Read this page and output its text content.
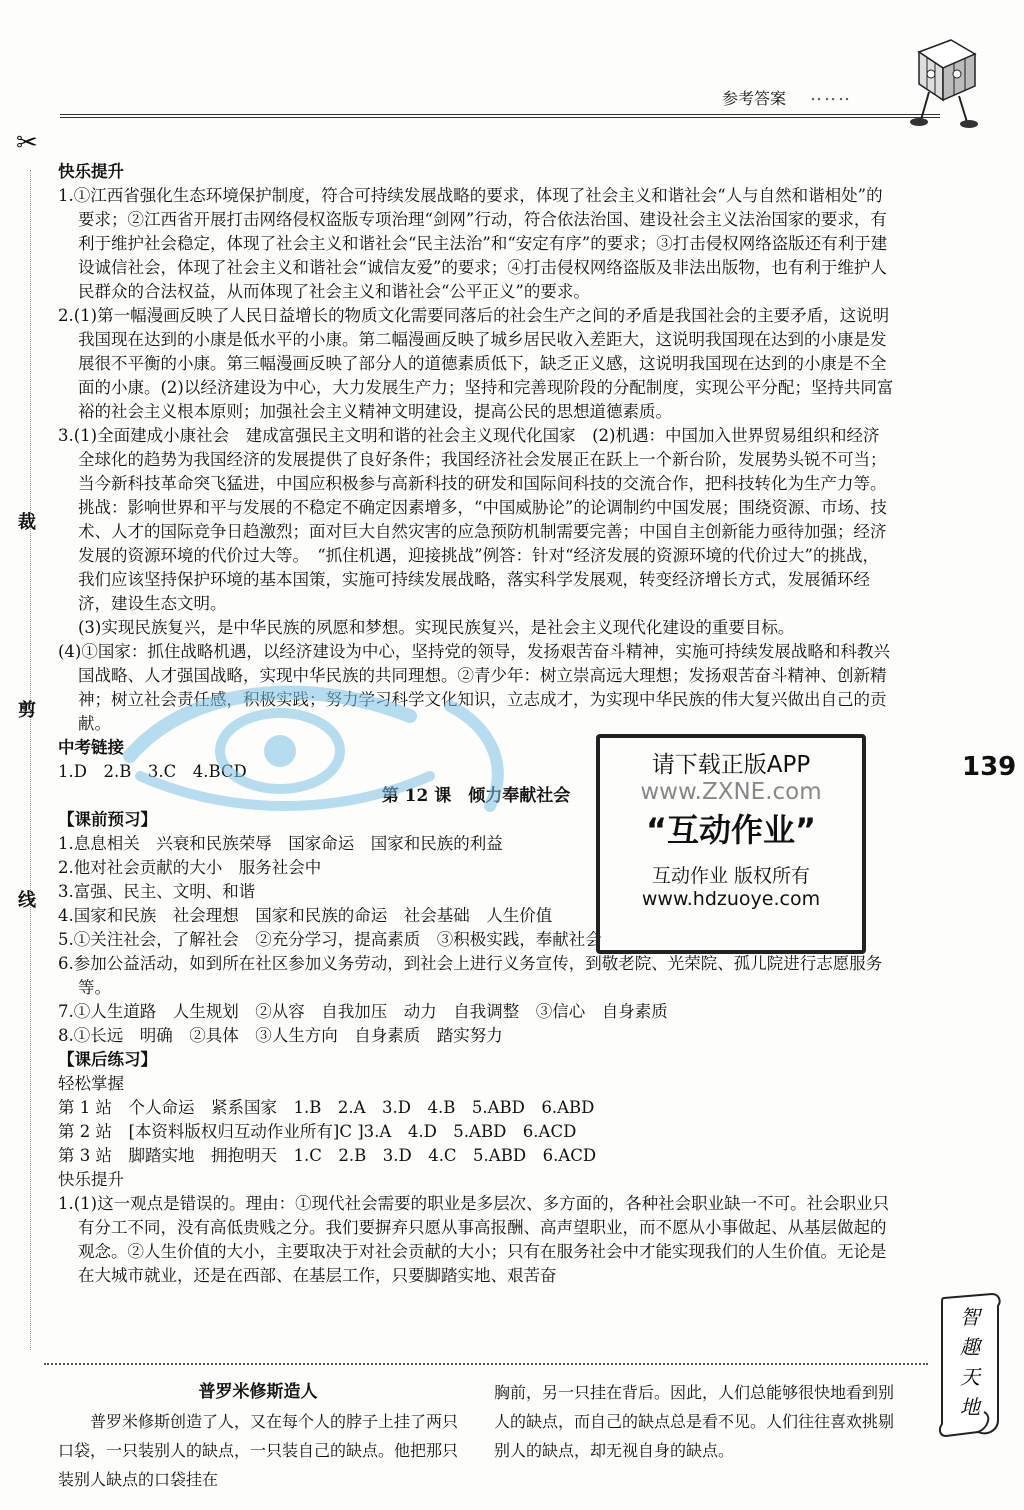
参考答案 ‥‥‥
✂
裁
剪
线
139

快乐提升

1.①江西省强化生态环境保护制度，符合可持续发展战略的要求，体现了社会主义和谐社会“人与自然和谐相处”的要求；②江西省开展打击网络侵权盗版专项治理“剑网”行动，符合依法治国、建设社会主义法治国家的要求，有利于维护社会稳定，体现了社会主义和谐社会“民主法治”和“安定有序”的要求；③打击侵权网络盗版还有利于建设诚信社会，体现了社会主义和谐社会“诚信友爱”的要求；④打击侵权网络盗版及非法出版物，也有利于维护人民群众的合法权益，从而体现了社会主义和谐社会“公平正义”的要求。

2.(1)第一幅漫画反映了人民日益增长的物质文化需要同落后的社会生产之间的矛盾是我国社会的主要矛盾，这说明我国现在达到的小康是低水平的小康。第二幅漫画反映了城乡居民收入差距大，这说明我国现在达到的小康是发展很不平衡的小康。第三幅漫画反映了部分人的道德素质低下，缺乏正义感，这说明我国现在达到的小康是不全面的小康。(2)以经济建设为中心，大力发展生产力；坚持和完善现阶段的分配制度，实现公平分配；坚持共同富裕的社会主义根本原则；加强社会主义精神文明建设，提高公民的思想道德素质。

3.(1)全面建成小康社会　建成富强民主文明和谐的社会主义现代化国家　(2)机遇：中国加入世界贸易组织和经济全球化的趋势为我国经济的发展提供了良好条件；我国经济社会发展正在跃上一个新台阶，发展势头锐不可当；当今新科技革命突飞猛进，中国应积极参与高新科技的研发和国际间科技的交流合作，把科技转化为生产力等。　挑战：影响世界和平与发展的不稳定不确定因素增多，“中国威胁论”的论调制约中国发展；围绕资源、市场、技术、人才的国际竞争日趋激烈；面对巨大自然灾害的应急预防机制需要完善；中国自主创新能力亟待加强；经济发展的资源环境的代价过大等。　“抓住机遇，迎接挑战”例答：针对“经济发展的资源环境的代价过大”的挑战，我们应该坚持保护环境的基本国策，实施可持续发展战略，落实科学发展观，转变经济增长方式，发展循环经济，建设生态文明。

(3)实现民族复兴，是中华民族的夙愿和梦想。实现民族复兴，是社会主义现代化建设的重要目标。

(4)①国家：抓住战略机遇，以经济建设为中心，坚持党的领导，发扬艰苦奋斗精神，实施可持续发展战略和科教兴国战略、人才强国战略，实现中华民族的共同理想。②青少年：树立崇高远大理想；发扬艰苦奋斗精神、创新精神；树立社会责任感，积极实践；努力学习科学文化知识，立志成才，为实现中华民族的伟大复兴做出自己的贡献。

中考链接

1.D　2.B　3.C　4.BCD

第 12 课　倾力奉献社会

【课前预习】

1.息息相关　兴衰和民族荣辱　国家命运　国家和民族的利益

2.他对社会贡献的大小　服务社会中

3.富强、民主、文明、和谐

4.国家和民族　社会理想　国家和民族的命运　社会基础　人生价值

5.①关注社会，了解社会　②充分学习，提高素质　③积极实践，奉献社会

6.参加公益活动，如到所在社区参加义务劳动，到社会上进行义务宣传，到敬老院、光荣院、孤儿院进行志愿服务等。

7.①人生道路　人生规划　②从容　自我加压　动力　自我调整　③信心　自身素质

8.①长远　明确　②具体　③人生方向　自身素质　踏实努力

【课后练习】

轻松掌握

第 1 站　个人命运　紧系国家　1.B　2.A　3.D　4.B　5.ABD　6.ABD

第 2 站　[本资料版权归互动作业所有]C ]3.A　4.D　5.ABD　6.ACD

第 3 站　脚踏实地　拥抱明天　1.C　2.B　3.D　4.C　5.ABD　6.ACD

快乐提升

1.(1)这一观点是错误的。理由：①现代社会需要的职业是多层次、多方面的，各种社会职业缺一不可。社会职业只有分工不同，没有高低贵贱之分。我们要摒弃只愿从事高报酬、高声望职业，而不愿从小事做起、从基层做起的观念。②人生价值的大小，主要取决于对社会贡献的大小；只有在服务社会中才能实现我们的人生价值。无论是在大城市就业，还是在西部、在基层工作，只要脚踏实地、艰苦奋

请下载正版APP
www.ZXNE.com
“互动作业”
互动作业 版权所有
www.hdzuoye.com

普罗米修斯造人

　　普罗米修斯创造了人，又在每个人的脖子上挂了两只口袋，一只装别人的缺点，一只装自己的缺点。他把那只装别人缺点的口袋挂在

胸前，另一只挂在背后。因此，人们总能够很快地看到别人的缺点，而自己的缺点总是看不见。人们往往喜欢挑剔别人的缺点，却无视自身的缺点。

智
趣
天
地
